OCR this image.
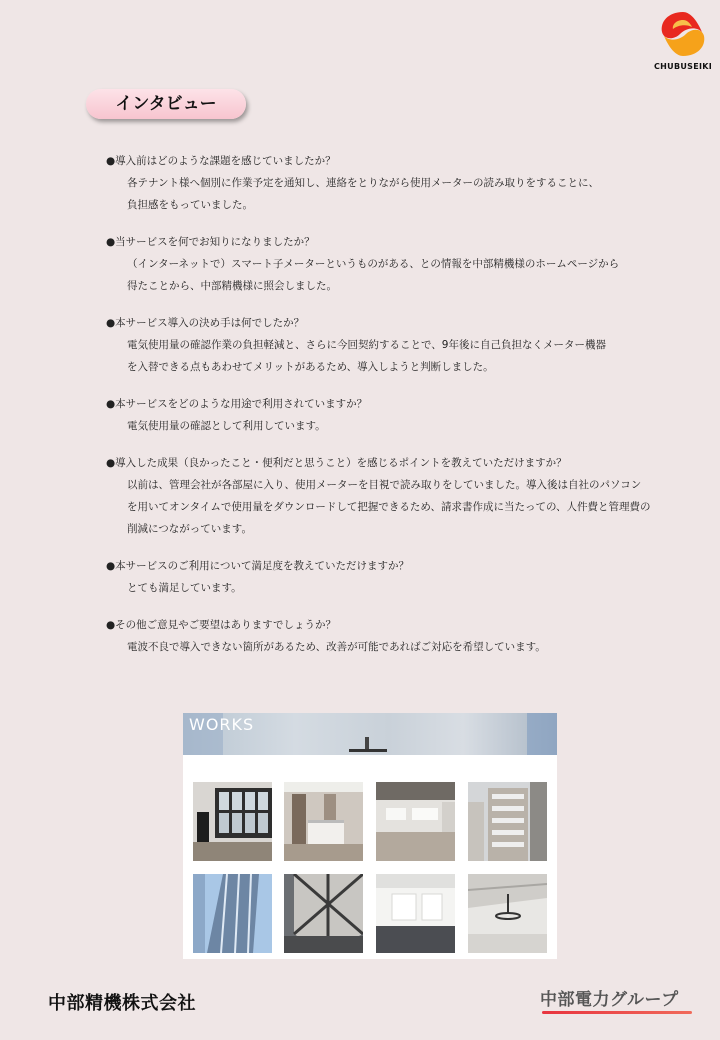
CHUBUSEIKI
インタビュー
●導入前はどのような課題を感じていましたか？
各テナント様へ個別に作業予定を通知し、連絡をとりながら使用メーターの読み取りをすることに、
負担感をもっていました。
●当サービスを何でお知りになりましたか？
（インターネットで）スマート子メーターというものがある、との情報を中部精機様のホームページから
得たことから、中部精機様に照会しました。
●本サービス導入の決め手は何でしたか？
電気使用量の確認作業の負担軽減と、さらに今回契約することで、9年後に自己負担なくメーター機器
を入替できる点もあわせてメリットがあるため、導入しようと判断しました。
●本サービスをどのような用途で利用されていますか？
電気使用量の確認として利用しています。
●導入した成果（良かったこと・便利だと思うこと）を感じるポイントを教えていただけますか？
以前は、管理会社が各部屋に入り、使用メーターを目視で読み取りをしていました。導入後は自社のパソコン
を用いてオンタイムで使用量をダウンロードして把握できるため、請求書作成に当たっての、人件費と管理費の
削減につながっています。
●本サービスのご利用について満足度を教えていただけますか？
とても満足しています。
●その他ご意見やご要望はありますでしょうか？
電波不良で導入できない箇所があるため、改善が可能であればご対応を希望しています。
WORKS
中部精機株式会社	中部電力グループ
